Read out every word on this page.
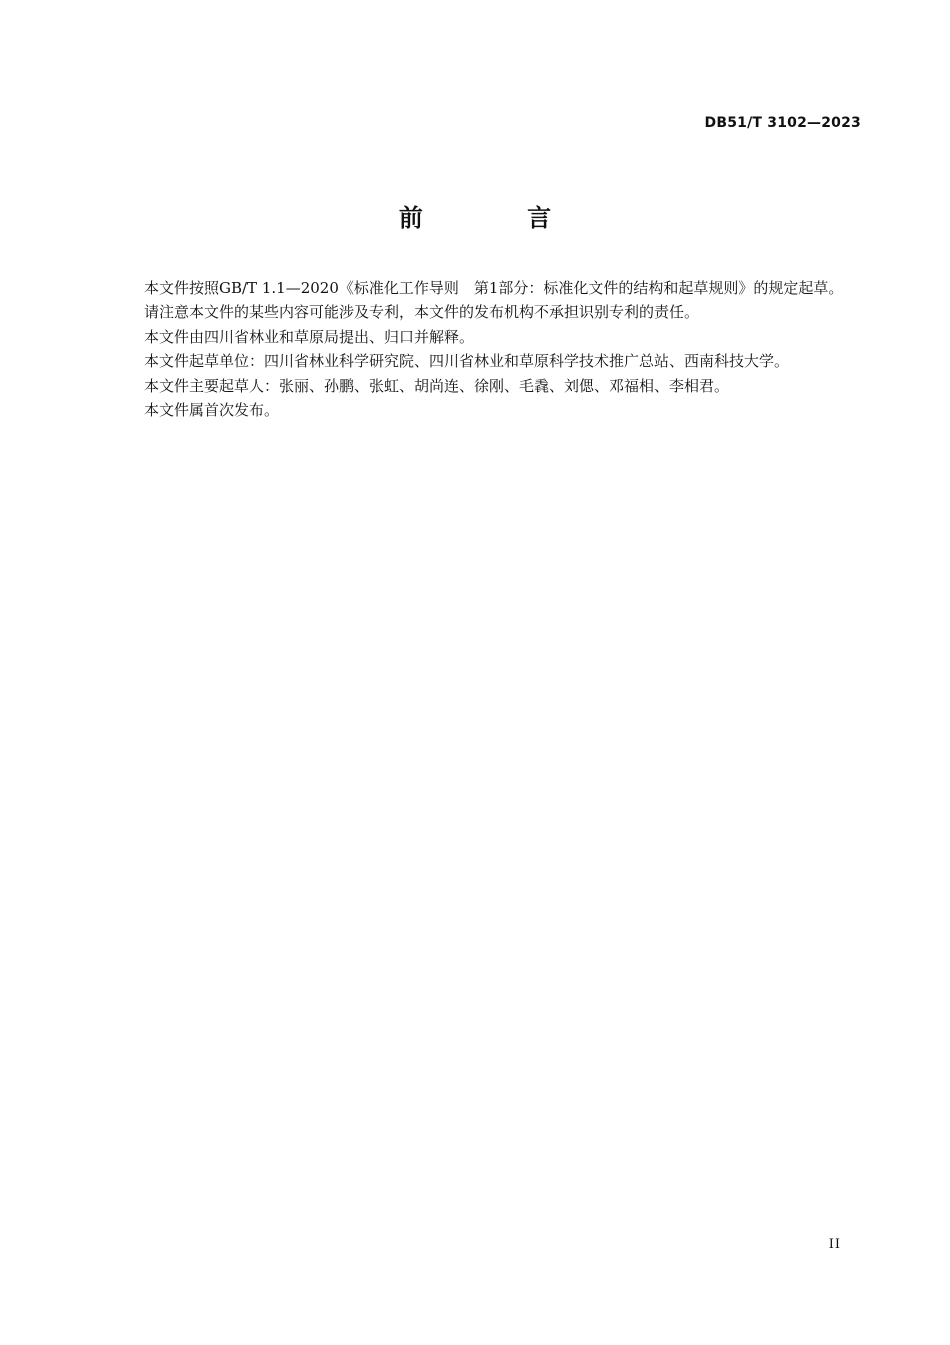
DB51/T 3102—2023
前 言

本文件按照GB/T 1.1—2020《标准化工作导则　第1部分：标准化文件的结构和起草规则》的规定起草。

请注意本文件的某些内容可能涉及专利，本文件的发布机构不承担识别专利的责任。

本文件由四川省林业和草原局提出、归口并解释。

本文件起草单位：四川省林业科学研究院、四川省林业和草原科学技术推广总站、西南科技大学。

本文件主要起草人：张丽、孙鹏、张虹、胡尚连、徐刚、毛毳、刘偲、邓福相、李相君。

本文件属首次发布。

II
